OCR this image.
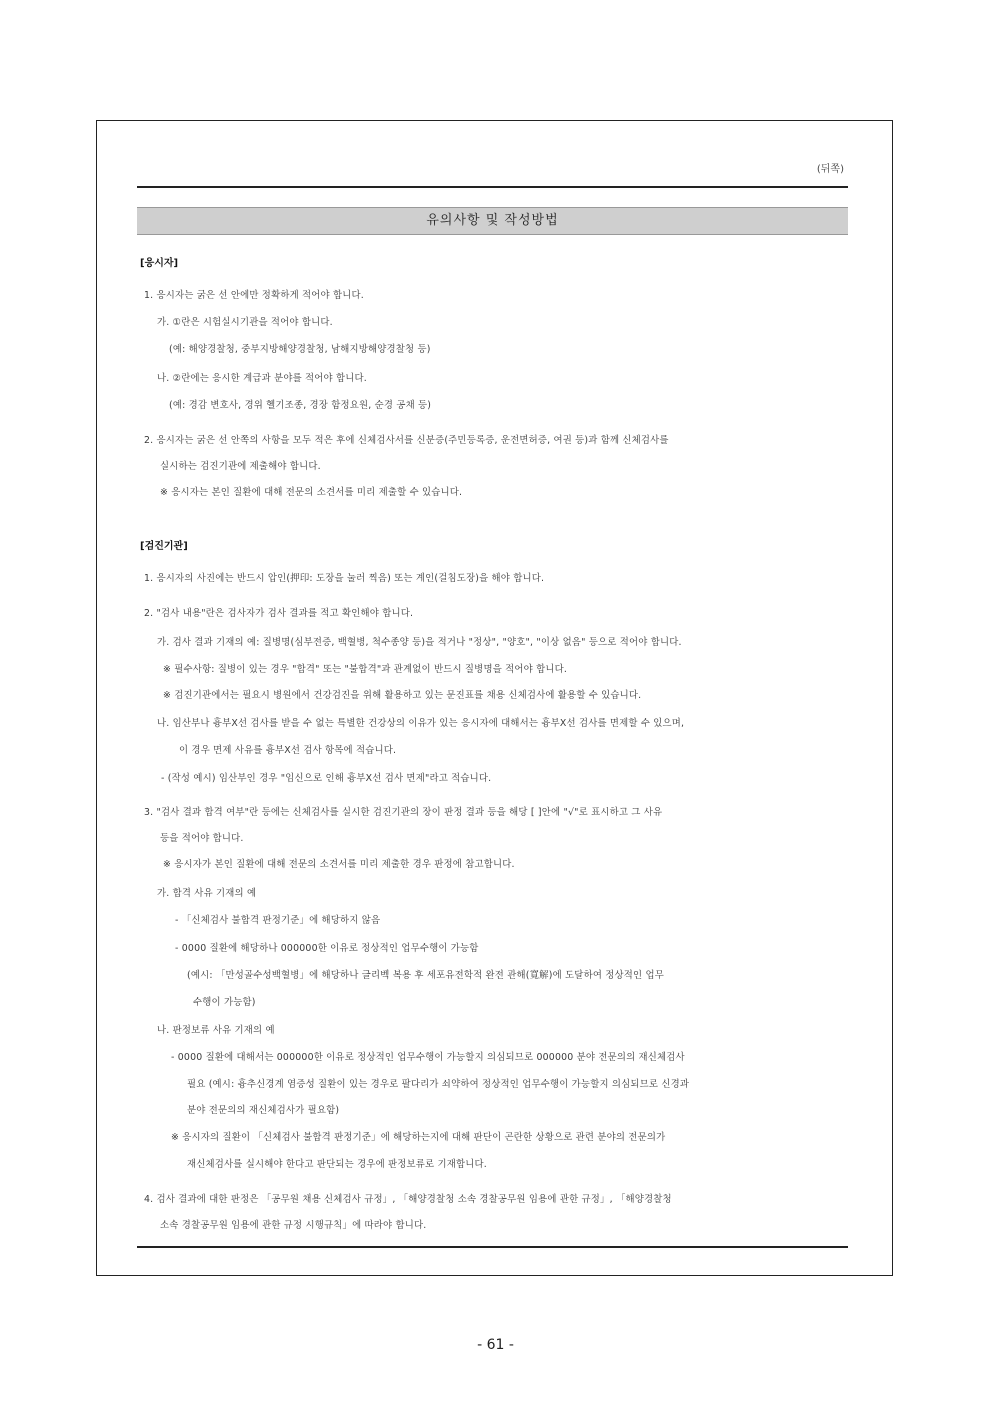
(뒤쪽)
유의사항 및 작성방법
[응시자]
1. 응시자는 굵은 선 안에만 정확하게 적어야 합니다.
가. ①란은 시험실시기관을 적어야 합니다.
(예: 해양경찰청, 중부지방해양경찰청, 남해지방해양경찰청 등)
나. ②란에는 응시한 계급과 분야를 적어야 합니다.
(예: 경감 변호사, 경위 헬기조종, 경장 함정요원, 순경 공채 등)
2. 응시자는 굵은 선 안쪽의 사항을 모두 적은 후에 신체검사서를 신분증(주민등록증, 운전면허증, 여권 등)과 함께 신체검사를
실시하는 검진기관에 제출해야 합니다.
※ 응시자는 본인 질환에 대해 전문의 소견서를 미리 제출할 수 있습니다.
[검진기관]
1. 응시자의 사진에는 반드시 압인(押印: 도장을 눌러 찍음) 또는 계인(걸침도장)을 해야 합니다.
2. "검사 내용"란은 검사자가 검사 결과를 적고 확인해야 합니다.
가. 검사 결과 기재의 예: 질병명(심부전증, 백혈병, 척수종양 등)을 적거나 "정상", "양호", "이상 없음" 등으로 적어야 합니다.
※ 필수사항: 질병이 있는 경우 "합격" 또는 "불합격"과 관계없이 반드시 질병명을 적어야 합니다.
※ 검진기관에서는 필요시 병원에서 건강검진을 위해 활용하고 있는 문진표를 채용 신체검사에 활용할 수 있습니다.
나. 임산부나 흉부X선 검사를 받을 수 없는 특별한 건강상의 이유가 있는 응시자에 대해서는 흉부X선 검사를 면제할 수 있으며,
이 경우 면제 사유를 흉부X선 검사 항목에 적습니다.
- (작성 예시) 임산부인 경우 "임신으로 인해 흉부X선 검사 면제"라고 적습니다.
3. "검사 결과 합격 여부"란 등에는 신체검사를 실시한 검진기관의 장이 판정 결과 등을 해당 [ ]안에 "√"로 표시하고 그 사유
등을 적어야 합니다.
※ 응시자가 본인 질환에 대해 전문의 소견서를 미리 제출한 경우 판정에 참고합니다.
가. 합격 사유 기재의 예
- 「신체검사 불합격 판정기준」에 해당하지 않음
- 0000 질환에 해당하나 000000한 이유로 정상적인 업무수행이 가능함
(예시: 「만성골수성백혈병」에 해당하나 글리벡 복용 후 세포유전학적 완전 관해(寬解)에 도달하여 정상적인 업무
수행이 가능함)
나. 판정보류 사유 기재의 예
- 0000 질환에 대해서는 000000한 이유로 정상적인 업무수행이 가능할지 의심되므로 000000 분야 전문의의 재신체검사
필요 (예시: 흉추신경계 염증성 질환이 있는 경우로 팔다리가 쇠약하여 정상적인 업무수행이 가능할지 의심되므로 신경과
분야 전문의의 재신체검사가 필요함)
※ 응시자의 질환이 「신체검사 불합격 판정기준」에 해당하는지에 대해 판단이 곤란한 상황으로 관련 분야의 전문의가
재신체검사를 실시해야 한다고 판단되는 경우에 판정보류로 기재합니다.
4. 검사 결과에 대한 판정은 「공무원 채용 신체검사 규정」, 「해양경찰청 소속 경찰공무원 임용에 관한 규정」, 「해양경찰청
소속 경찰공무원 임용에 관한 규정 시행규칙」에 따라야 합니다.
- 61 -
